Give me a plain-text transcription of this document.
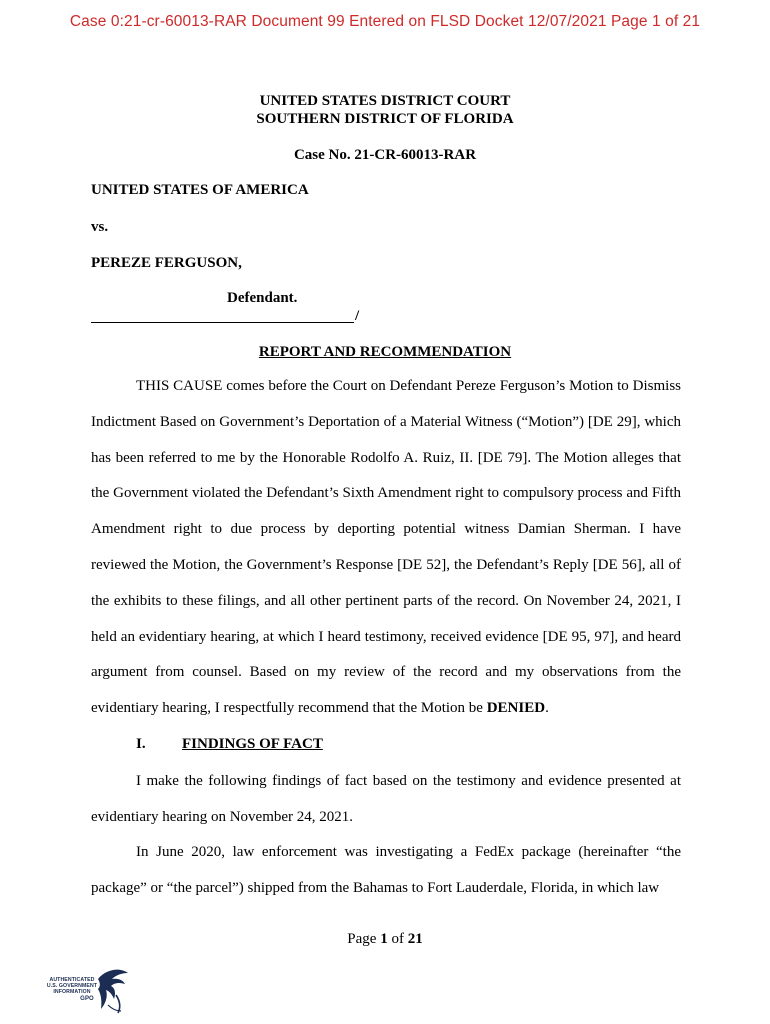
Case 0:21-cr-60013-RAR Document 99 Entered on FLSD Docket 12/07/2021 Page 1 of 21
UNITED STATES DISTRICT COURT
SOUTHERN DISTRICT OF FLORIDA
Case No. 21-CR-60013-RAR
UNITED STATES OF AMERICA
vs.
PEREZE FERGUSON,
Defendant.
/
REPORT AND RECOMMENDATION
THIS CAUSE comes before the Court on Defendant Pereze Ferguson’s Motion to Dismiss Indictment Based on Government’s Deportation of a Material Witness (“Motion”) [DE 29], which has been referred to me by the Honorable Rodolfo A. Ruiz, II. [DE 79]. The Motion alleges that the Government violated the Defendant’s Sixth Amendment right to compulsory process and Fifth Amendment right to due process by deporting potential witness Damian Sherman. I have reviewed the Motion, the Government’s Response [DE 52], the Defendant’s Reply [DE 56], all of the exhibits to these filings, and all other pertinent parts of the record. On November 24, 2021, I held an evidentiary hearing, at which I heard testimony, received evidence [DE 95, 97], and heard argument from counsel. Based on my review of the record and my observations from the evidentiary hearing, I respectfully recommend that the Motion be DENIED.
I. FINDINGS OF FACT
I make the following findings of fact based on the testimony and evidence presented at evidentiary hearing on November 24, 2021.
In June 2020, law enforcement was investigating a FedEx package (hereinafter “the package” or “the parcel”) shipped from the Bahamas to Fort Lauderdale, Florida, in which law
Page 1 of 21
AUTHENTICATED
U.S. GOVERNMENT
INFORMATION
GPO
